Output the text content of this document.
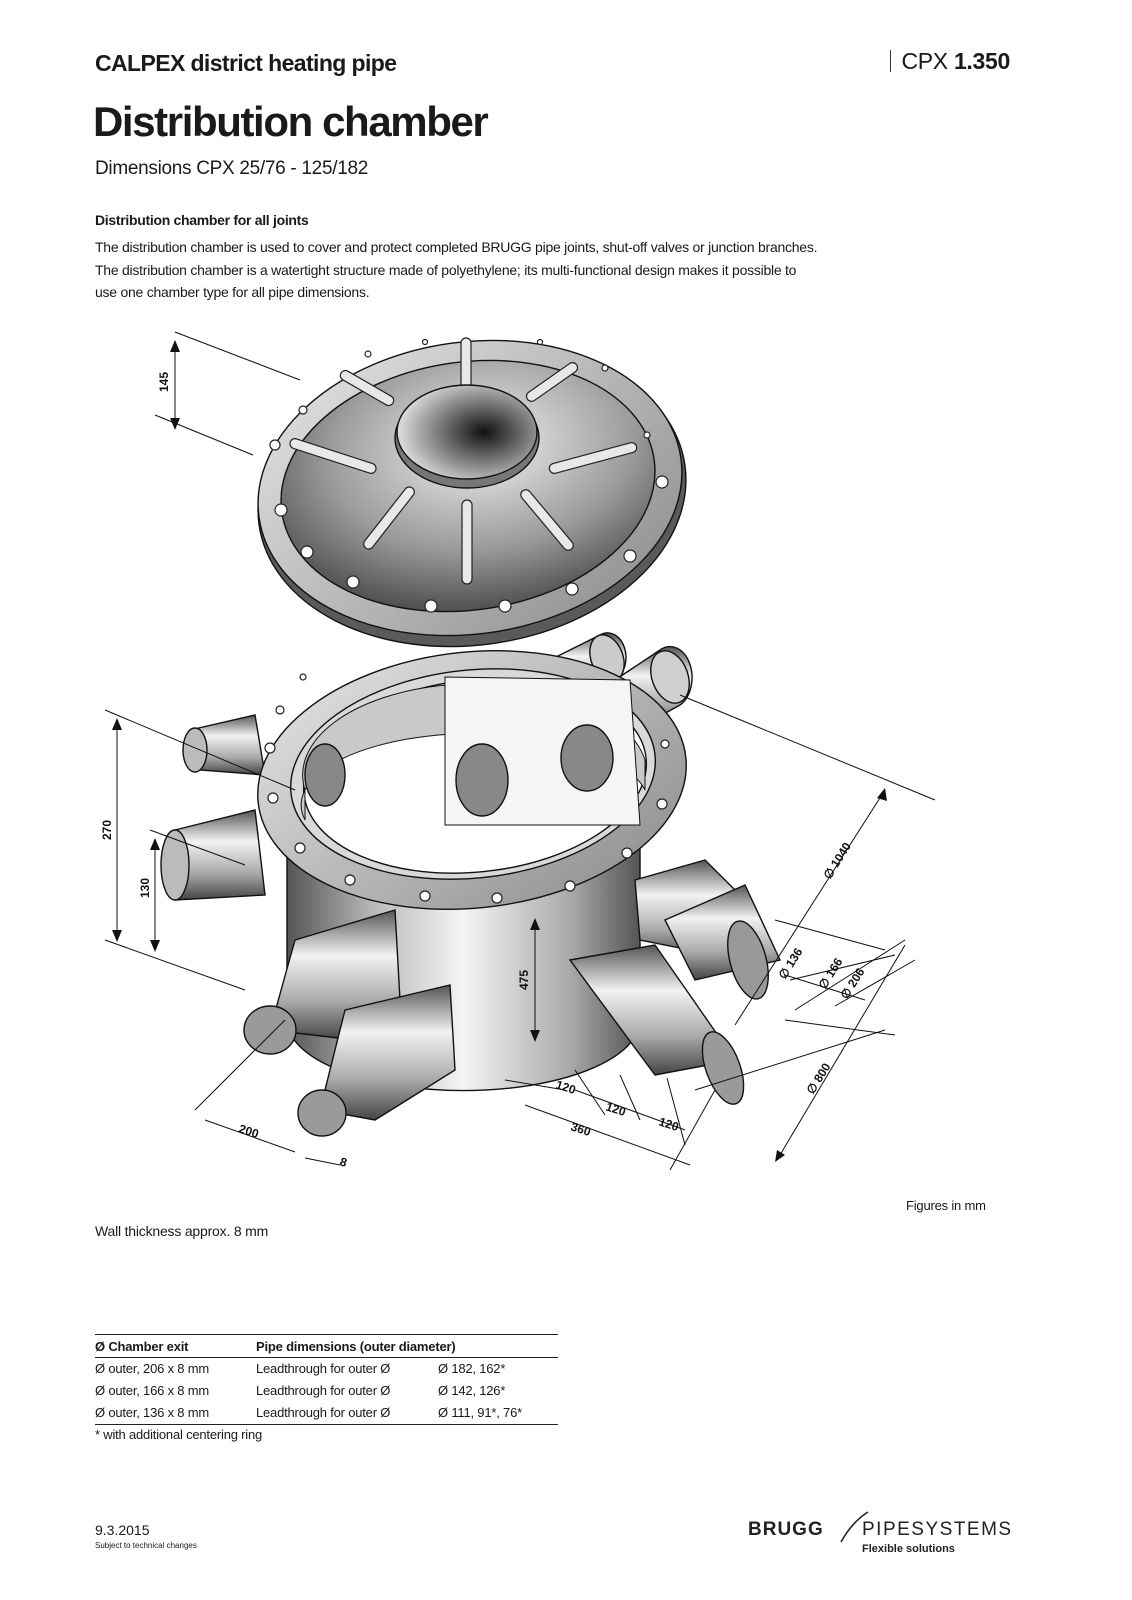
CALPEX district heating pipe	CPX 1.350
Distribution chamber
Dimensions CPX 25/76 - 125/182
Distribution chamber for all joints
The distribution chamber is used to cover and protect completed BRUGG pipe joints, shut-off valves or junction branches.
The distribution chamber is a watertight structure made of polyethylene; its multi-functional design makes it possible to
use one chamber type for all pipe dimensions.
145
270
130
475
∅ 1040
∅ 136 ∅ 166
∅ 206
∅ 800
120
120
120
360
200
8
Figures in mm
Wall thickness approx. 8 mm
Ø Chamber exit	Pipe dimensions (outer diameter)	
Ø outer, 206 x 8 mm	Leadthrough for outer Ø	Ø 182, 162*
Ø outer, 166 x 8 mm	Leadthrough for outer Ø	Ø 142, 126*
Ø outer, 136 x 8 mm	Leadthrough for outer Ø	Ø 111, 91*, 76*
* with additional centering ring
9.3.2015
Subject to technical changes
BRUGG PIPESYSTEMS
Flexible solutions
